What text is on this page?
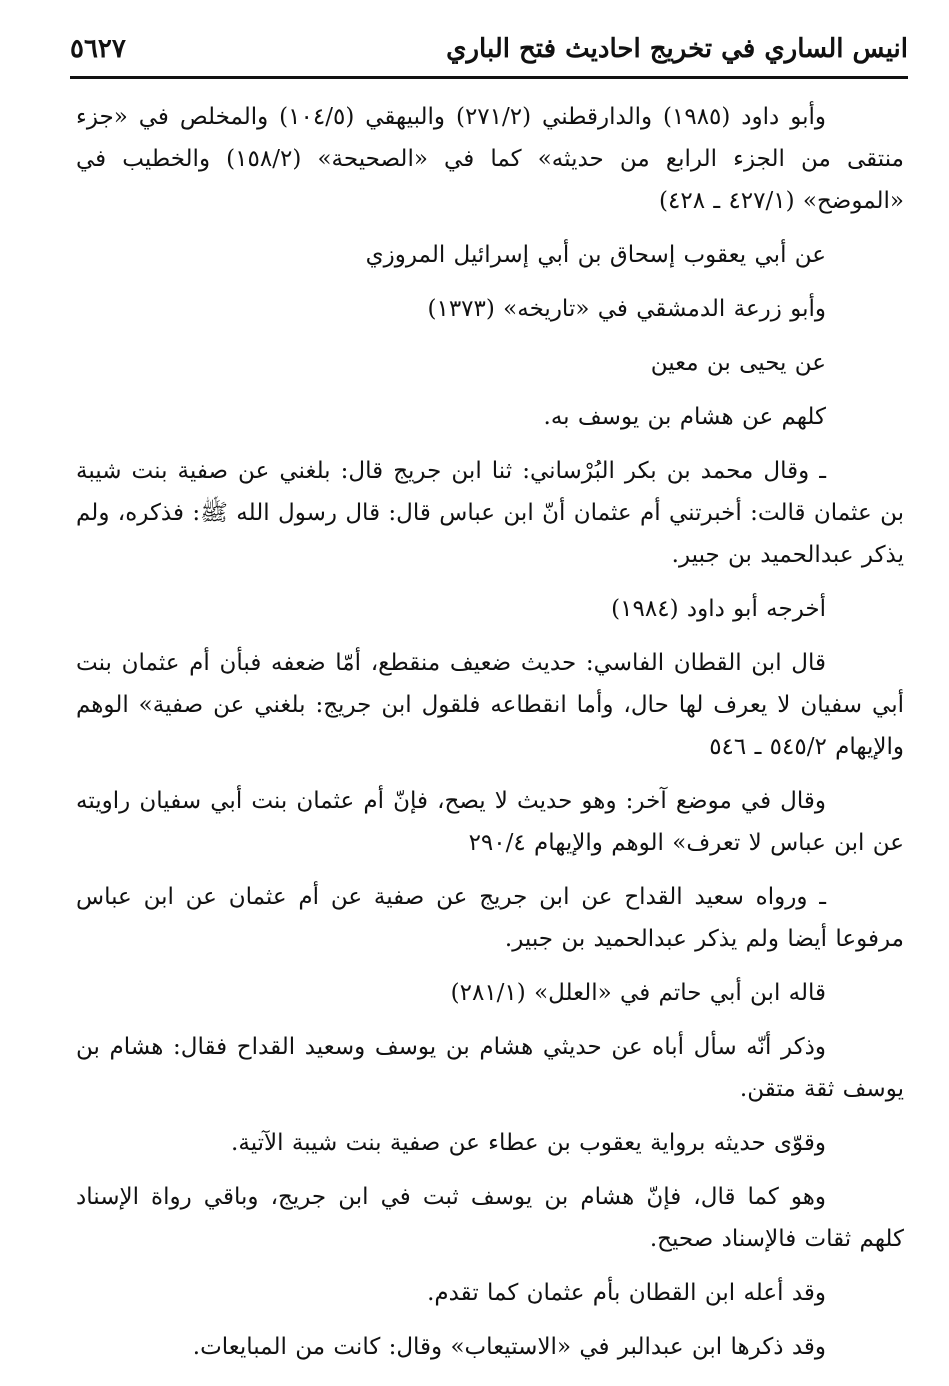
انيس الساري في تخريج احاديث فتح الباري
٥٦٢٧

وأبو داود (١٩٨٥) والدارقطني (٢٧١/٢) والبيهقي (١٠٤/٥) والمخلص في «جزء منتقى من الجزء الرابع من حديثه» كما في «الصحيحة» (١٥٨/٢) والخطيب في «الموضح» (٤٢٧/١ ـ ٤٢٨)

عن أبي يعقوب إسحاق بن أبي إسرائيل المروزي

وأبو زرعة الدمشقي في «تاريخه» (١٣٧٣)

عن يحيى بن معين

كلهم عن هشام بن يوسف به.

ـ وقال محمد بن بكر البُرْساني: ثنا ابن جريج قال: بلغني عن صفية بنت شيبة بن عثمان قالت: أخبرتني أم عثمان أنّ ابن عباس قال: قال رسول الله ﷺ: فذكره، ولم يذكر عبدالحميد بن جبير.

أخرجه أبو داود (١٩٨٤)

قال ابن القطان الفاسي: حديث ضعيف منقطع، أمّا ضعفه فبأن أم عثمان بنت أبي سفيان لا يعرف لها حال، وأما انقطاعه فلقول ابن جريج: بلغني عن صفية» الوهم والإيهام ٥٤٥/٢ ـ ٥٤٦

وقال في موضع آخر: وهو حديث لا يصح، فإنّ أم عثمان بنت أبي سفيان راويته عن ابن عباس لا تعرف» الوهم والإيهام ٢٩٠/٤

ـ ورواه سعيد القداح عن ابن جريج عن صفية عن أم عثمان عن ابن عباس مرفوعا أيضا ولم يذكر عبدالحميد بن جبير.

قاله ابن أبي حاتم في «العلل» (٢٨١/١)

وذكر أنّه سأل أباه عن حديثي هشام بن يوسف وسعيد القداح فقال: هشام بن يوسف ثقة متقن.

وقوّى حديثه برواية يعقوب بن عطاء عن صفية بنت شيبة الآتية.

وهو كما قال، فإنّ هشام بن يوسف ثبت في ابن جريج، وباقي رواة الإسناد كلهم ثقات فالإسناد صحيح.

وقد أعله ابن القطان بأم عثمان كما تقدم.

وقد ذكرها ابن عبدالبر في «الاستيعاب» وقال: كانت من المبايعات.
